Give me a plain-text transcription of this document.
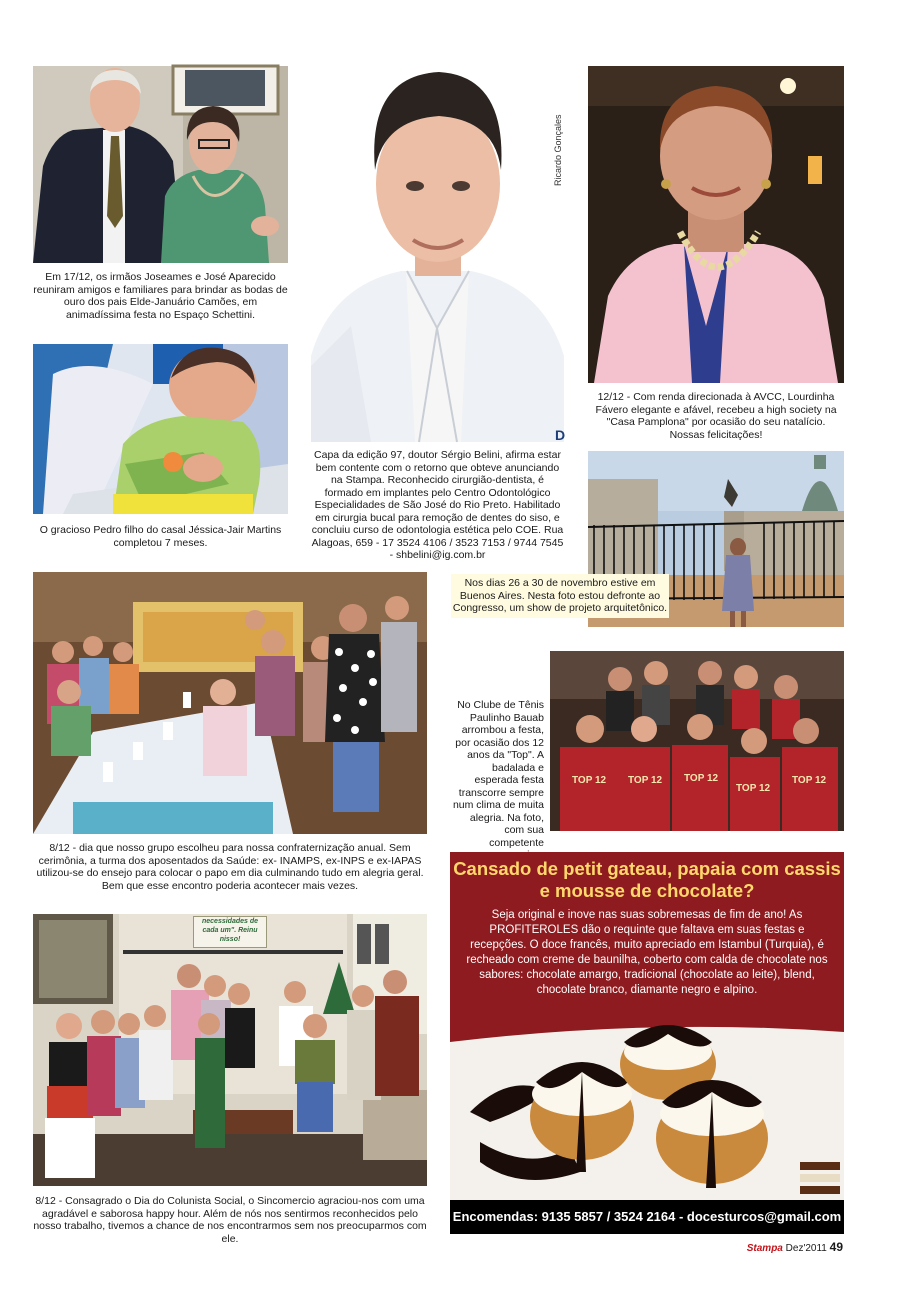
Em 17/12, os irmãos Joseames e José Aparecido reuniram amigos e familiares para brindar as bodas de ouro dos pais Elde-Januário Camões, em animadíssima festa no Espaço Schettini.
O gracioso Pedro filho do casal Jéssica-Jair Martins completou 7 meses.
D
Ricardo Gonçales
Capa da edição 97, doutor Sérgio Belini, afirma estar bem contente com o retorno que obteve anunciando na Stampa. Reconhecido cirurgião-dentista, é formado em implantes pelo Centro Odontológico Especialidades de São José do Rio Preto. Habilitado em cirurgia bucal para remoção de dentes do siso, e concluiu curso de odontologia estética pelo COE. Rua Alagoas, 659 - 17 3524 4106 / 3523 7153 / 9744 7545 - shbelini@ig.com.br
12/12 - Com renda direcionada à AVCC, Lourdinha Fávero elegante e afável, recebeu a high society na "Casa Pamplona" por ocasião do seu natalício. Nossas felicitações!
Nos dias 26 a 30 de novembro estive em Buenos Aires. Nesta foto estou defronte ao Congresso, um show de projeto arquitetônico.
8/12 - dia que nosso grupo escolheu para nossa confraternização anual. Sem cerimônia, a turma dos aposentados da Saúde: ex- INAMPS, ex-INPS e ex-IAPAS utilizou-se do ensejo para colocar o papo em dia culminando tudo em alegria geral. Bem que esse encontro poderia acontecer mais vezes.
No Clube de Tênis Paulinho Bauab arrombou a festa, por ocasião dos 12 anos da "Top". A badalada e esperada festa transcorre sempre num clima de muita alegria. Na foto, com sua competente
TOP 12 TOP 12 TOP 12
TOP 12
TOP 12
necessidades de cada um". Reinu nisso!
8/12 - Consagrado o Dia do Colunista Social, o Sincomercio agraciou-nos com uma agradável e saborosa happy hour. Além de nós nos sentirmos reconhecidos pelo nosso trabalho, tivemos a chance de nos encontrarmos sem nos preocuparmos com ele.
Cansado de petit gateau, papaia com cassis e mousse de chocolate?
Seja original e inove nas suas sobremesas de fim de ano! As PROFITEROLES dão o requinte que faltava em suas festas e recepções. O doce francês, muito apreciado em Istambul (Turquia), é recheado com creme de baunilha, coberto com calda de chocolate nos sabores: chocolate amargo, tradicional (chocolate ao leite), blend, chocolate branco, diamante negro e alpino.
Encomendas: 9135 5857 / 3524 2164 - docesturcos@gmail.com
Stampa Dez'2011 49
